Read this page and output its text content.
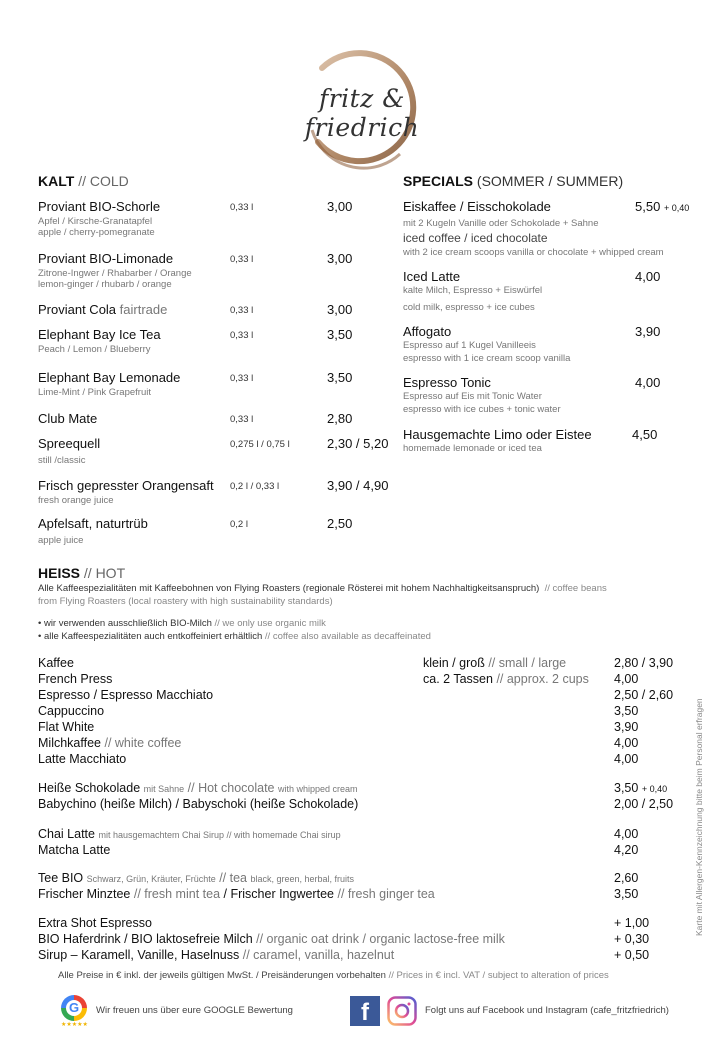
fritz & friedrich
KALT // COLD
Proviant BIO-Schorle	0,33 l	3,00
Apfel / Kirsche-Granatapfel
apple / cherry-pomegranate
Proviant BIO-Limonade	0,33 l	3,00
Zitrone-Ingwer / Rhabarber / Orange
lemon-ginger / rhubarb / orange
Proviant Cola fairtrade	0,33 l	3,00
Elephant Bay Ice Tea	0,33 l	3,50
Peach / Lemon / Blueberry
Elephant Bay Lemonade	0,33 l	3,50
Lime-Mint / Pink Grapefruit
Club Mate	0,33 l	2,80
Spreequell	0,275 l / 0,75 l	2,30 / 5,20
still /classic
Frisch gepresster Orangensaft 0,2 l / 0,33 l	3,90 / 4,90
fresh orange juice
Apfelsaft, naturtrüb	0,2 l	2,50
apple juice
SPECIALS (SOMMER / SUMMER)
Eiskaffee / Eisschokolade	5,50 + 0,40
mit 2 Kugeln Vanille oder Schokolade + Sahne
iced coffee / iced chocolate
with 2 ice cream scoops vanilla or chocolate + whipped cream
Iced Latte	4,00
kalte Milch, Espresso + Eiswürfel
cold milk, espresso + ice cubes
Affogato	3,90
Espresso auf 1 Kugel Vanilleeis
espresso with 1 ice cream scoop vanilla
Espresso Tonic	4,00
Espresso auf Eis mit Tonic Water
espresso with ice cubes + tonic water
Hausgemachte Limo oder Eistee	4,50
homemade lemonade or iced tea
HEISS // HOT
Alle Kaffeespezialitäten mit Kaffeebohnen von Flying Roasters (regionale Rösterei mit hohem Nachhaltigkeitsanspruch) // coffee beans
from Flying Roasters (local roastery with high sustainability standards)
• wir verwenden ausschließlich BIO-Milch // we only use organic milk
• alle Kaffeespezialitäten auch entkoffeiniert erhältlich // coffee also available as decaffeinated
Kaffee	klein / groß // small / large	2,80 / 3,90
French Press	ca. 2 Tassen // approx. 2 cups 4,00
Espresso / Espresso Macchiato	2,50 / 2,60
Cappuccino	3,50
Flat White	3,90
Milchkaffee // white coffee	4,00
Latte Macchiato	4,00
Heiße Schokolade mit Sahne // Hot chocolate with whipped cream	3,50 + 0,40
Babychino (heiße Milch) / Babyschoki (heiße Schokolade)	2,00 / 2,50
Chai Latte mit hausgemachtem Chai Sirup // with homemade Chai sirup	4,00
Matcha Latte	4,20
Tee BIO Schwarz, Grün, Kräuter, Früchte // tea black, green, herbal, fruits	2,60
Frischer Minztee // fresh mint tea / Frischer Ingwertee // fresh ginger tea	3,50
Extra Shot Espresso	+ 1,00
BIO Haferdrink / BIO laktosefreie Milch // organic oat drink / organic lactose-free milk	+ 0,30
Sirup – Karamell, Vanille, Haselnuss // caramel, vanilla, hazelnut	+ 0,50
Alle Preise in € inkl. der jeweils gültigen MwSt. / Preisänderungen vorbehalten // Prices in € incl. VAT / subject to alteration of prices
G
★★★★★
Wir freuen uns über eure GOOGLE Bewertung	f	Folgt uns auf Facebook und Instagram (cafe_fritzfriedrich)
Karte mit Allergen-Kennzeichnung bitte beim Personal erfragen
